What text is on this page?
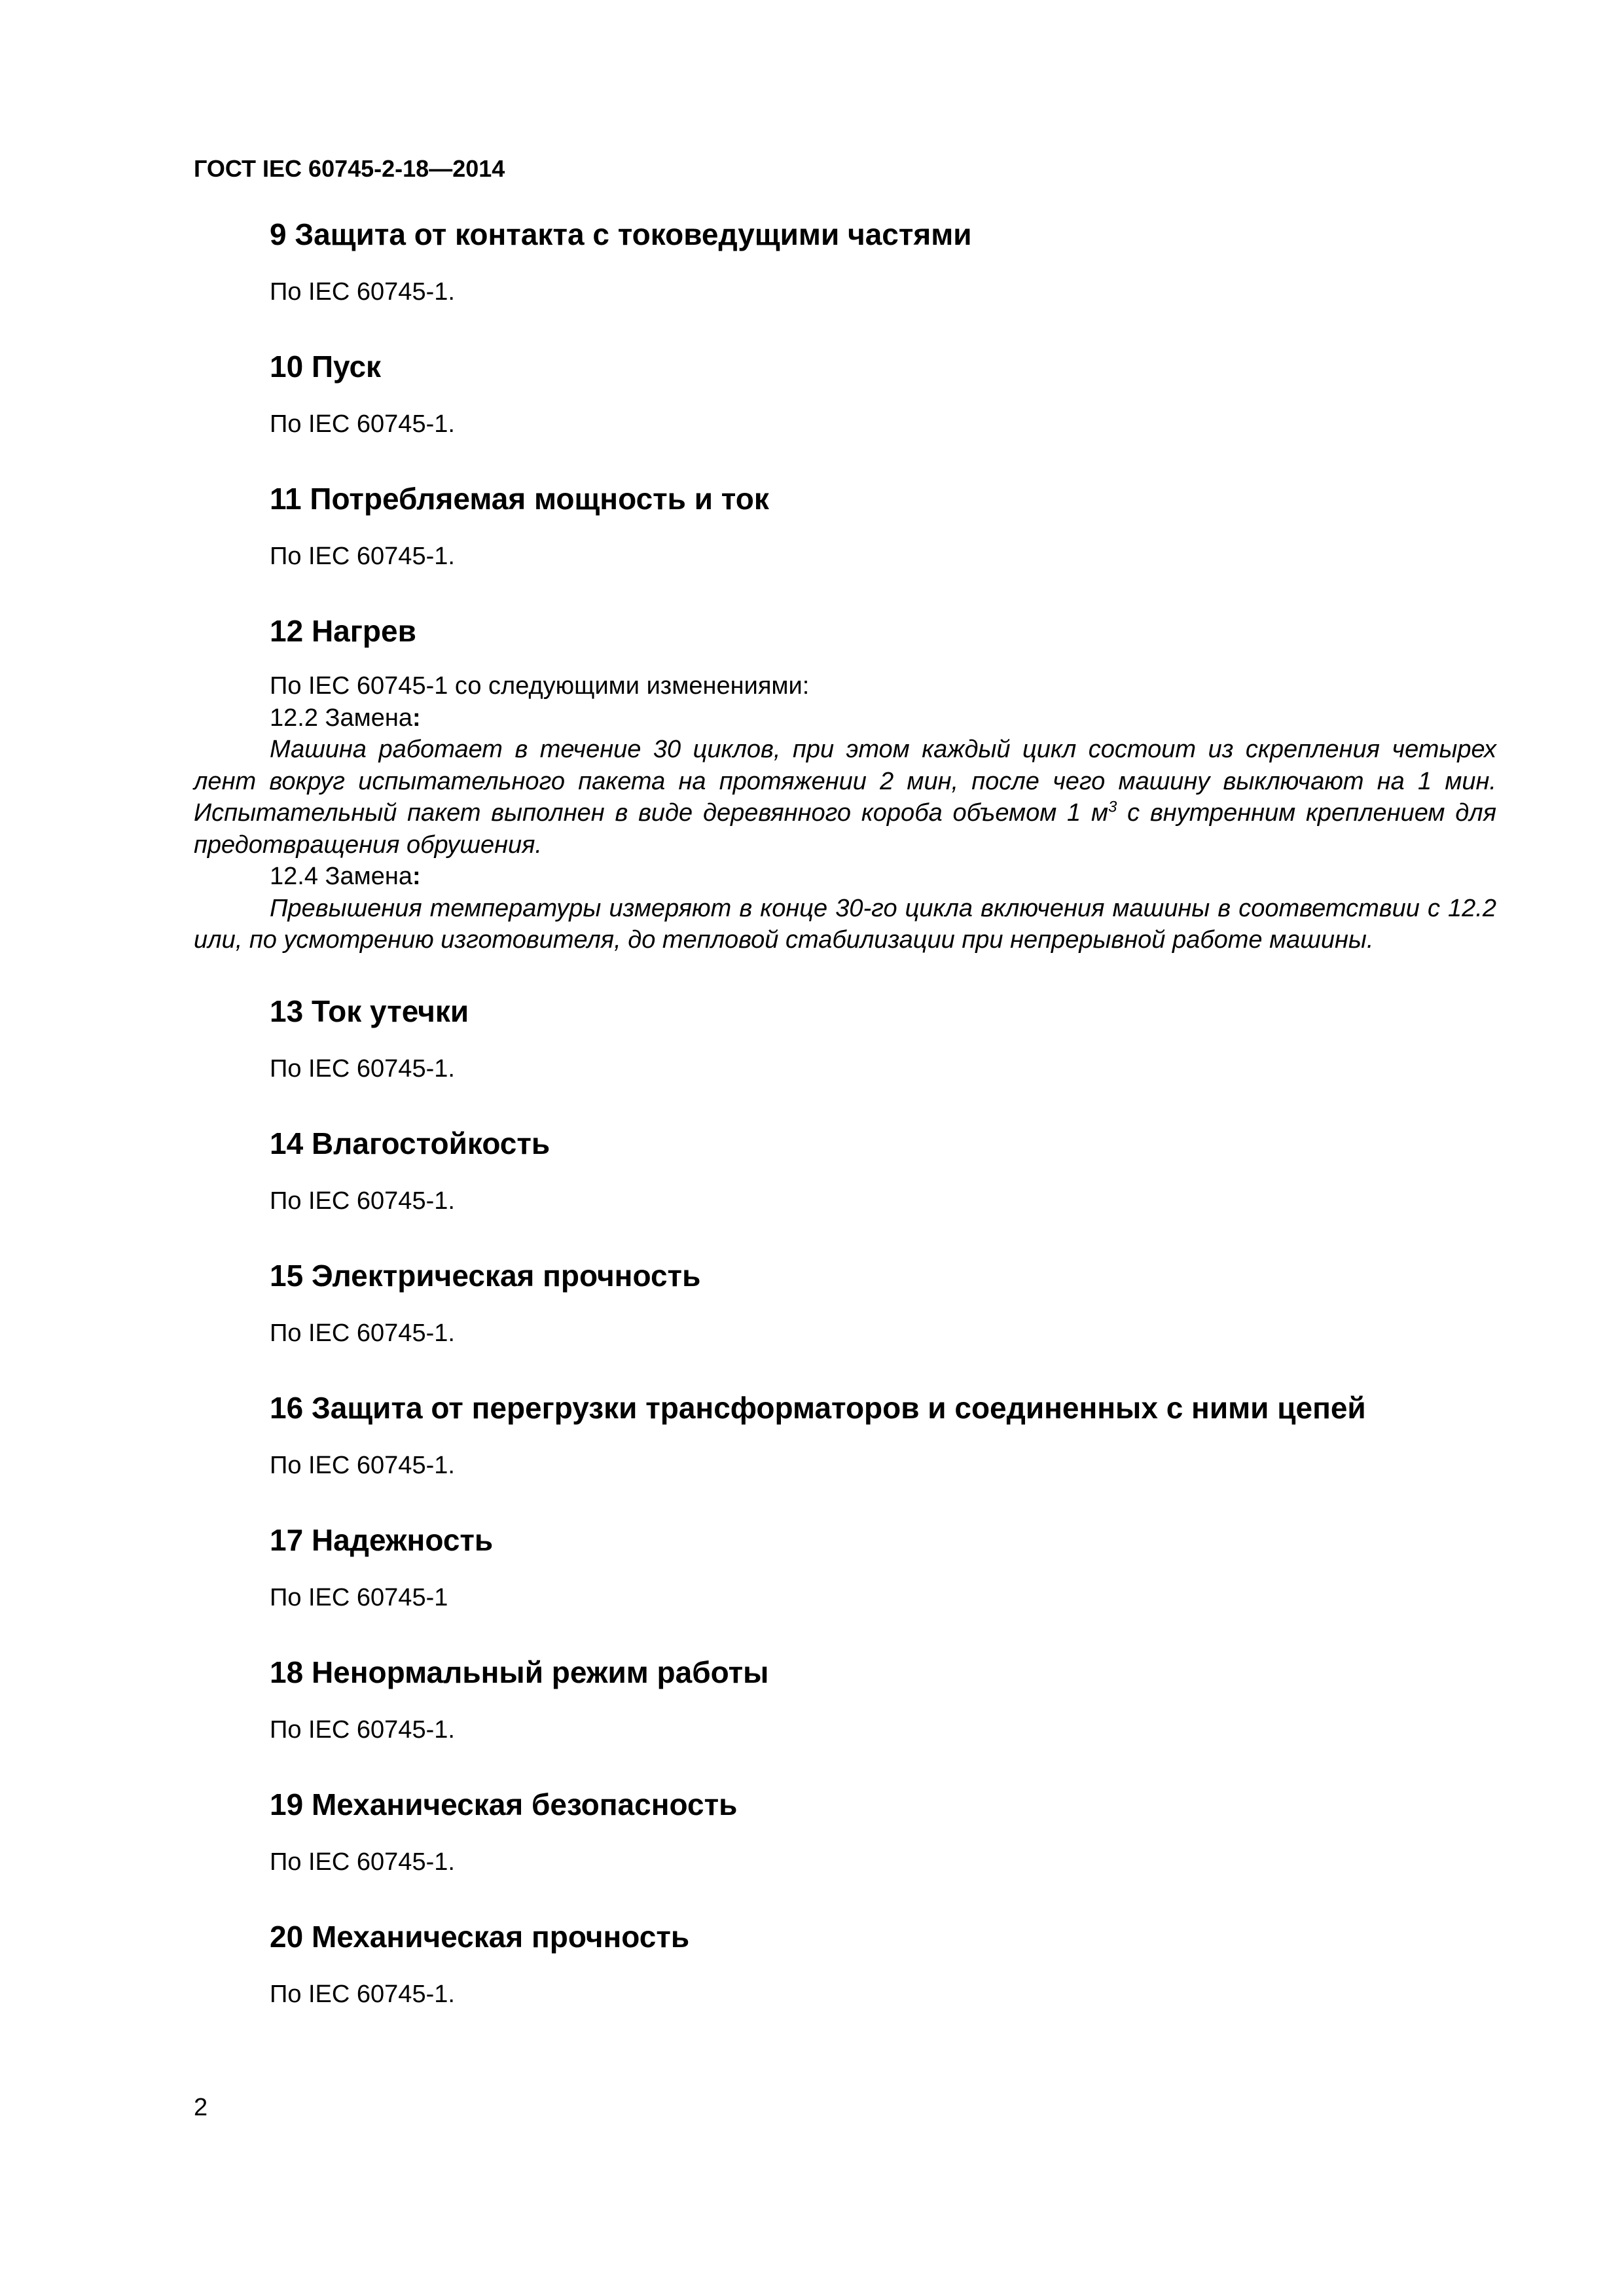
ГОСТ IEC 60745-2-18—2014
9 Защита от контакта с токоведущими частями
По IEC 60745-1.
10 Пуск
По IEC 60745-1.
11 Потребляемая мощность и ток
По IEC 60745-1.
12 Нагрев
По IEC 60745-1 со следующими изменениями:
12.2 Замена:

Машина работает в течение 30 циклов, при этом каждый цикл состоит из скрепления четырех лент вокруг испытательного пакета на протяжении 2 мин, после чего машину выключают на 1 мин. Испытательный пакет выполнен в виде деревянного короба объемом 1 $м^3$ с внутренним креплением для предотвращения обрушения.

12.4 Замена:

Превышения температуры измеряют в конце 30-го цикла включения машины в соответствии с 12.2 или, по усмотрению изготовителя, до тепловой стабилизации при непрерывной работе машины.

13 Ток утечки
По IEC 60745-1.
14 Влагостойкость
По IEC 60745-1.
15 Электрическая прочность
По IEC 60745-1.
16 Защита от перегрузки трансформаторов и соединенных с ними цепей
По IEC 60745-1.
17 Надежность
По IEC 60745-1
18 Ненормальный режим работы
По IEC 60745-1.
19 Механическая безопасность
По IEC 60745-1.
20 Механическая прочность
По IEC 60745-1.
2
